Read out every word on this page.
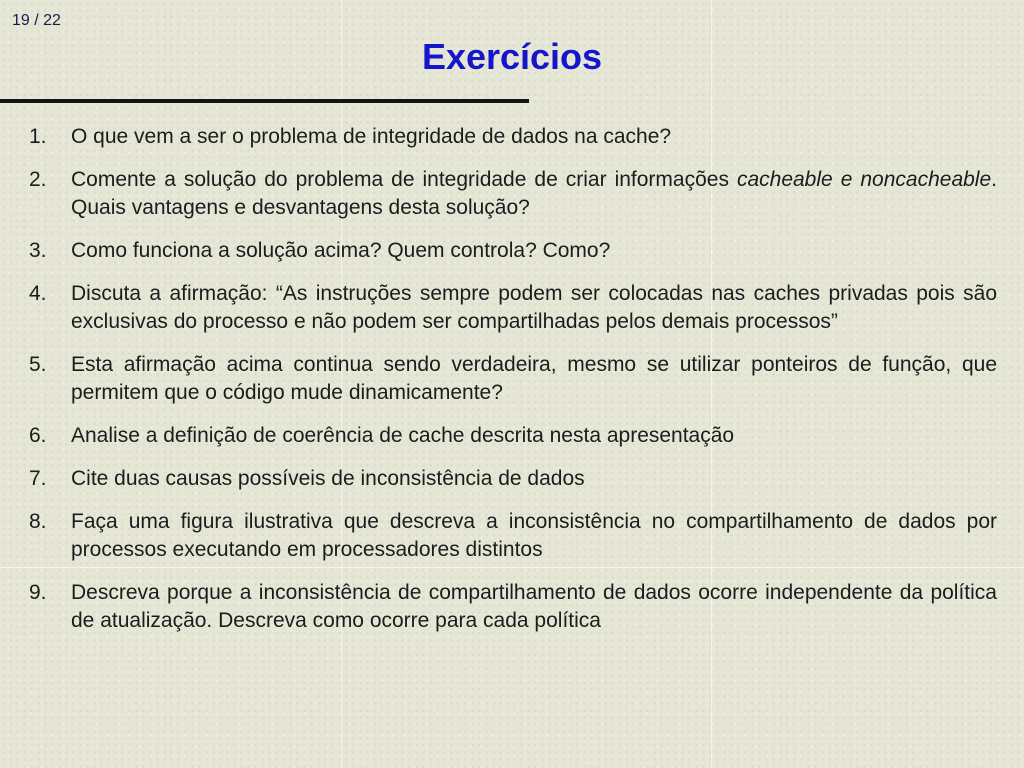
19 / 22
Exercícios
1.	O que vem a ser o problema de integridade de dados na cache?
2.	Comente a solução do problema de integridade de criar informações cacheable e noncacheable. Quais vantagens e desvantagens desta solução?
3.	Como funciona a solução acima? Quem controla? Como?
4.	Discuta a afirmação: “As instruções sempre podem ser colocadas nas caches privadas pois são exclusivas do processo e não podem ser compartilhadas pelos demais processos”
5.	Esta afirmação acima continua sendo verdadeira, mesmo se utilizar ponteiros de função, que permitem que o código mude dinamicamente?
6.	Analise a definição de coerência de cache descrita nesta apresentação
7.	Cite duas causas possíveis de inconsistência de dados
8.	Faça uma figura ilustrativa que descreva a inconsistência no compartilhamento de dados por processos executando em processadores distintos
9.	Descreva porque a inconsistência de compartilhamento de dados ocorre independente da política de atualização. Descreva como ocorre para cada política
